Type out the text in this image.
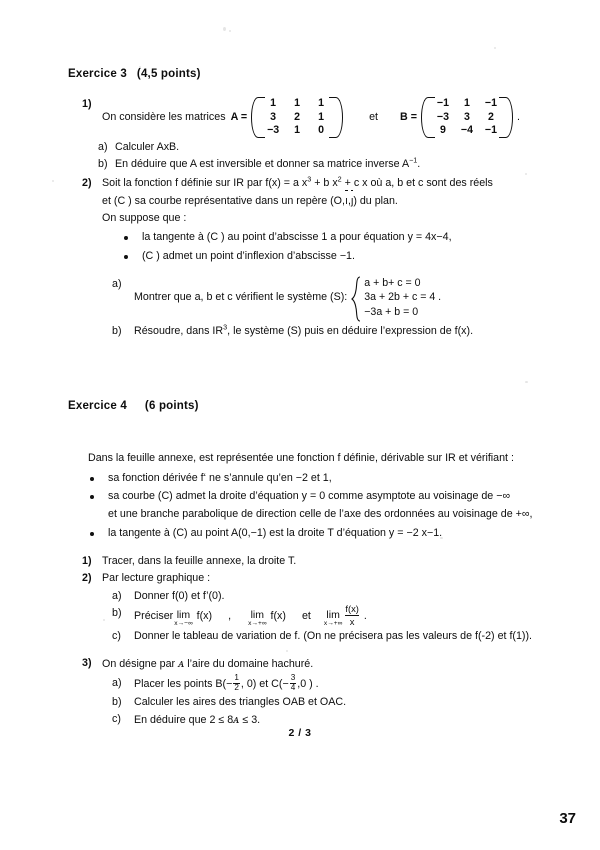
Exercice 3 (4,5 points)
1)
On considère les matrices A =
1	1	1
3	2	1
−3	1	0
et B =
−1	1	−1
−3	3	2
9	−4	−1
.
a) Calculer AxB.
b) En déduire que A est inversible et donner sa matrice inverse $A^{-1}$.
2) Soit la fonction f définie sur IR par f(x) = a $x^3 + b$ $x^2 + c$ x où a, b et c sont des réels
et (C ) sa courbe représentative dans un repère (O,ı,ȷ) du plan.
On suppose que :
la tangente à (C ) au point d’abscisse 1 a pour équation y = 4x−4,
(C ) admet un point d’inflexion d’abscisse −1.
a)
Montrer que a, b et c vérifient le système (S):
a + b+ c = 0
3a + 2b + c = 4 .
−3a + b = 0
b)	Résoudre, dans $IR^3$, le système (S) puis en déduire l’expression de f(x).
Exercice 4 (6 points)
Dans la feuille annexe, est représentée une fonction f définie, dérivable sur IR et vérifiant :
sa fonction dérivée f‘ ne s’annule qu’en −2 et 1,
sa courbe (C) admet la droite d’équation y = 0 comme asymptote au voisinage de −∞
et une branche parabolique de direction celle de l’axe des ordonnées au voisinage de +∞,
la tangente à (C) au point A(0,−1) est la droite T d’équation y = −2 x−1.
1) Tracer, dans la feuille annexe, la droite T.
2) Par lecture graphique :
a)	Donner f(0) et f’(0).
b)	Préciser lim
x→−∞
f(x) , lim
x→+∞
f(x) et lim
x→+∞
f(x)
x .
c)	Donner le tableau de variation de f. (On ne précisera pas les valeurs de f(-2) et f(1)).
3) On désigne par ᴀ l’aire du domaine hachuré.
a)	Placer les points $B(- \frac{1}{2}$ , 0) et $C(- \frac{3}{4} ,0$ ) .
b)	Calculer les aires des triangles OAB et OAC.
c)	En déduire que 2 ≤ 8ᴀ ≤ 3.
2 / 3
37
